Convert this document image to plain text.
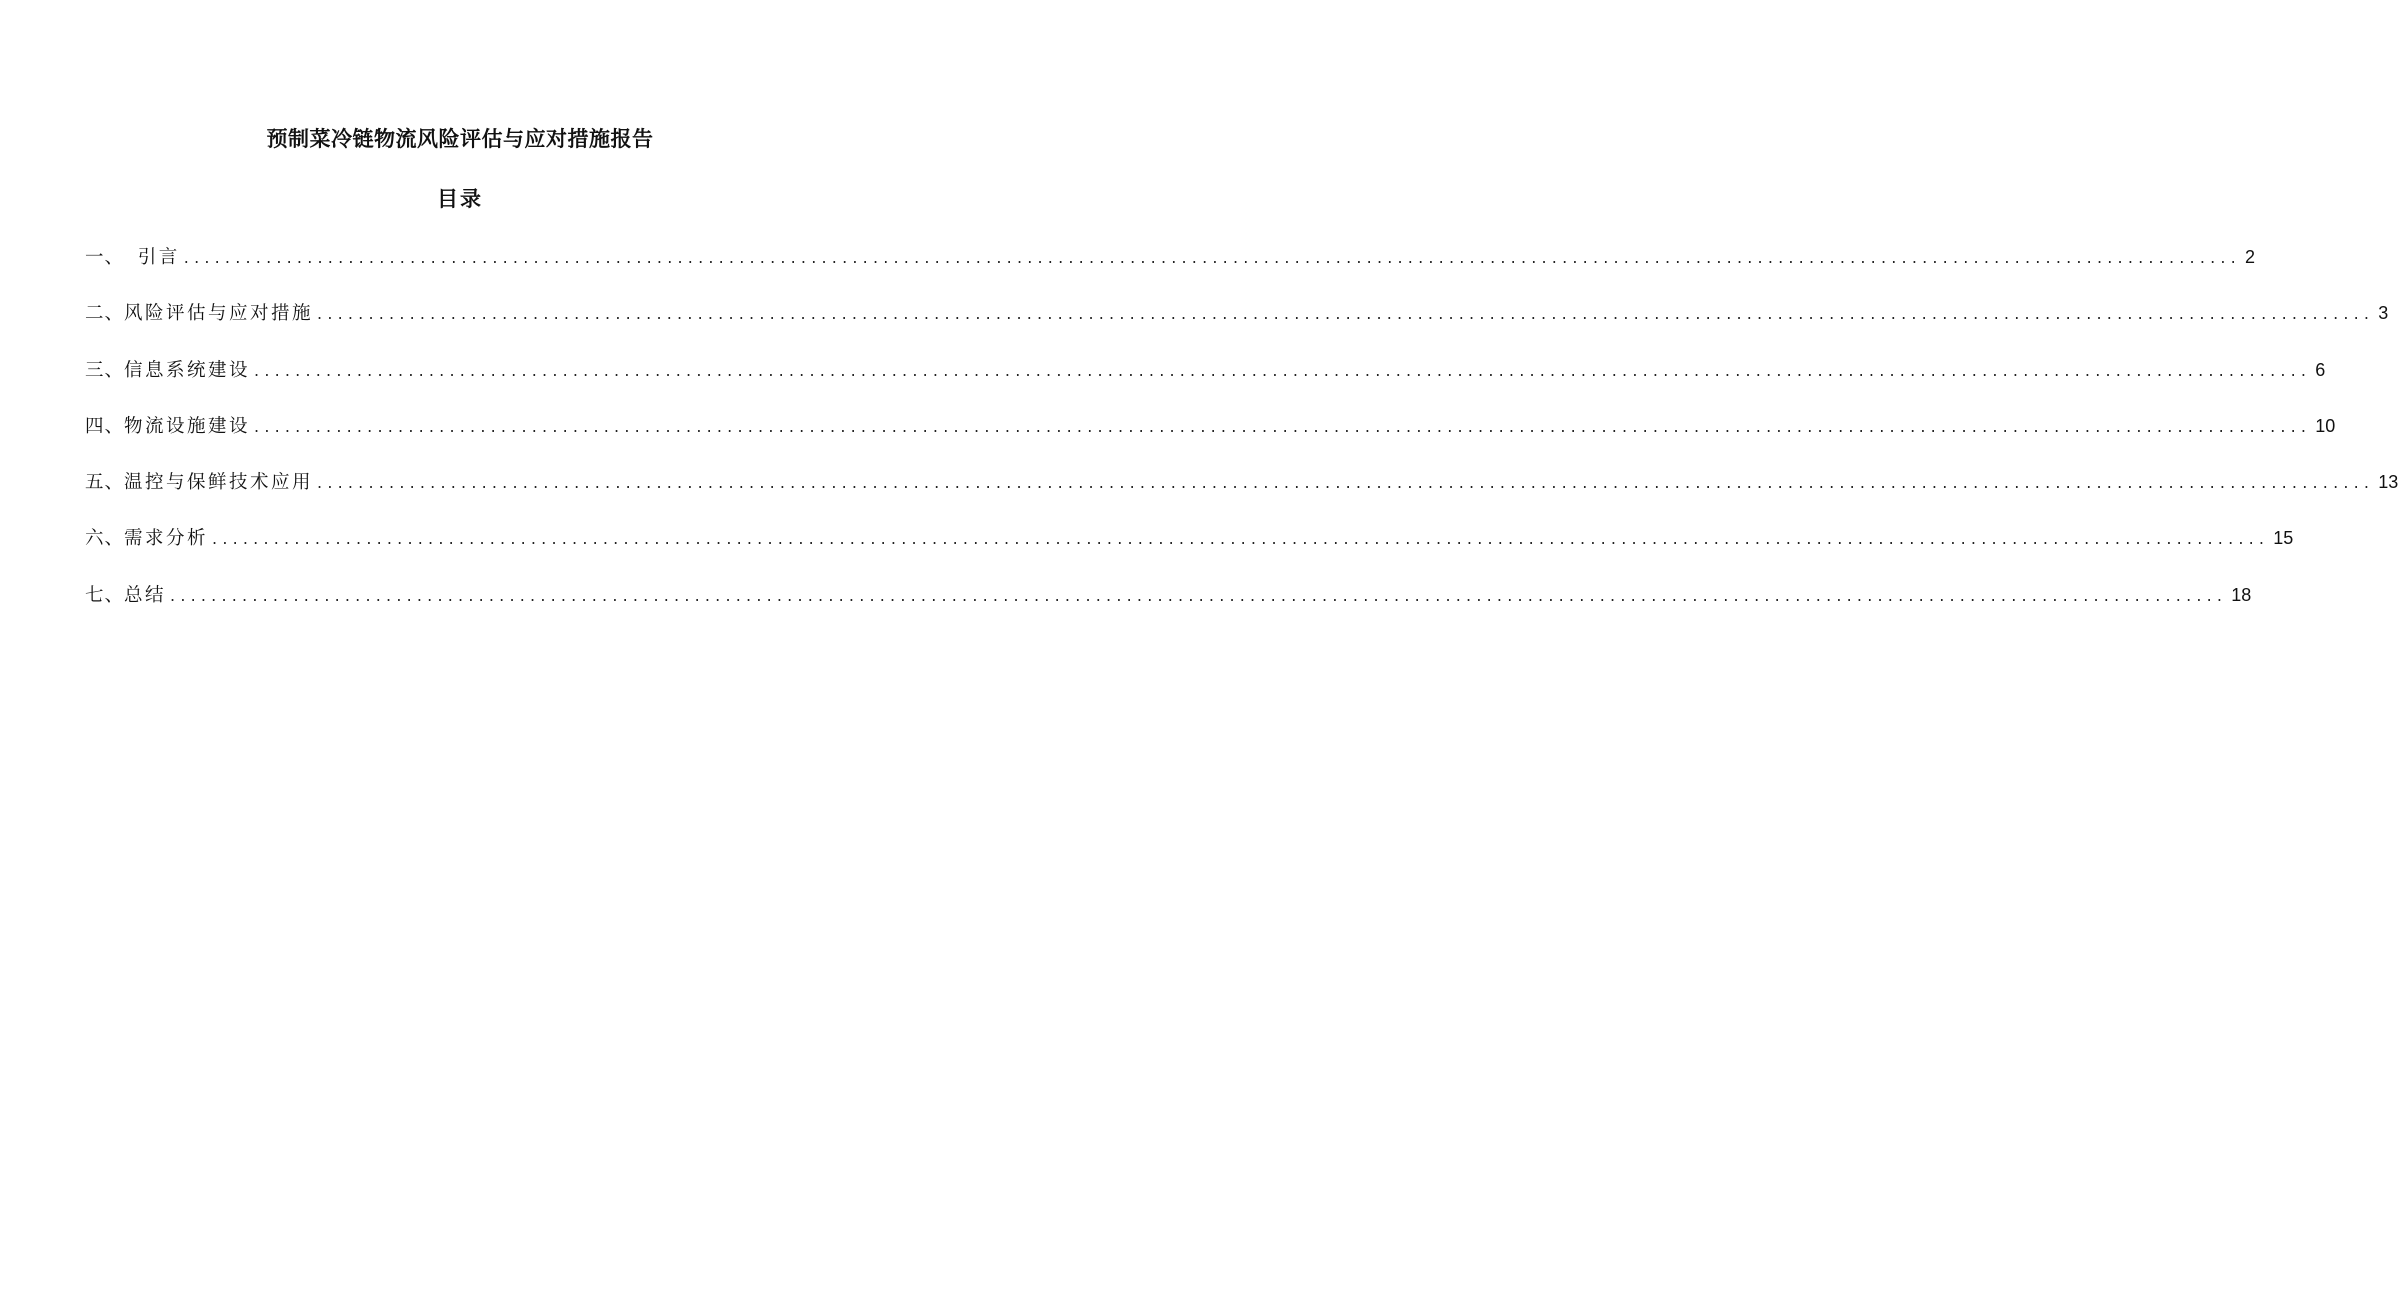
预制菜冷链物流风险评估与应对措施报告
目录
一、 引言 ........................................................................................................................................................................................................ 2
二、 风险评估与应对措施 ........................................................................................................................................................................................................ 3
三、 信息系统建设 ........................................................................................................................................................................................................ 6
四、 物流设施建设 ........................................................................................................................................................................................................ 10
五、 温控与保鲜技术应用 ........................................................................................................................................................................................................ 13
六、 需求分析 ........................................................................................................................................................................................................ 15
七、 总结 ........................................................................................................................................................................................................ 18
